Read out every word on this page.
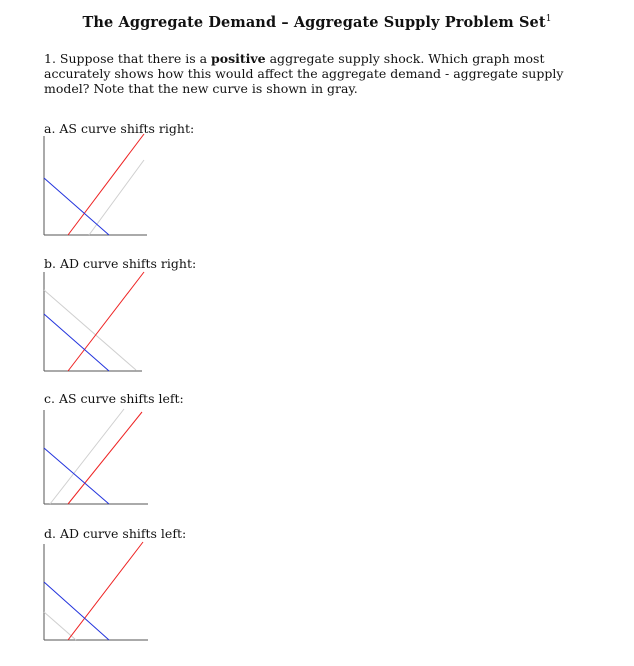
The Aggregate Demand – Aggregate Supply Problem Set$^1$
1. Suppose that there is a positive aggregate supply shock. Which graph most accurately shows how this would affect the aggregate demand - aggregate supply model? Note that the new curve is shown in gray.
a. AS curve shifts right:
b. AD curve shifts right:
c. AS curve shifts left:
d. AD curve shifts left:
